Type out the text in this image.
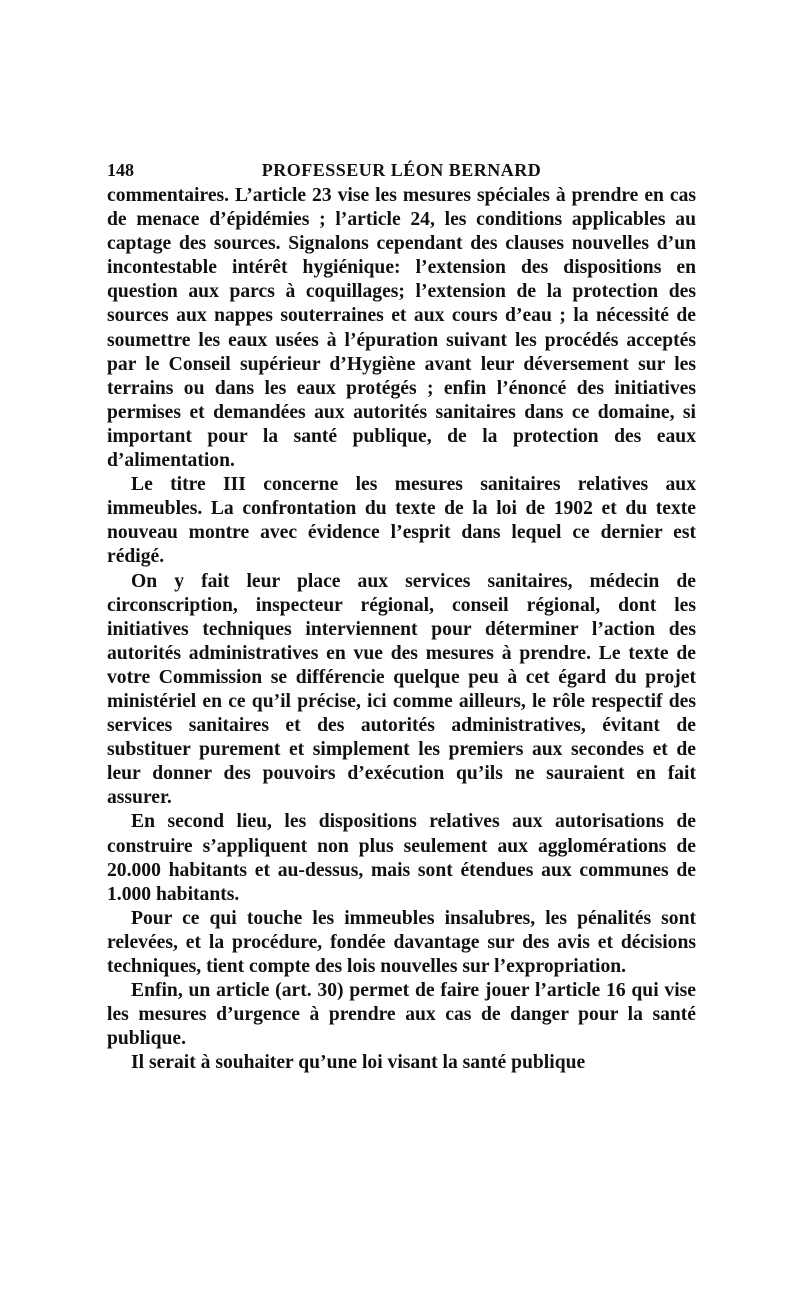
148	PROFESSEUR LÉON BERNARD

commentaires. L’article 23 vise les mesures spéciales à prendre en cas de menace d’épidémies ; l’article 24, les conditions applicables au captage des sources. Signalons cependant des clauses nouvelles d’un incontestable intérêt hygiénique: l’extension des dispositions en question aux parcs à coquillages; l’extension de la protection des sources aux nappes souterraines et aux cours d’eau ; la nécessité de soumettre les eaux usées à l’épuration suivant les procédés acceptés par le Conseil supérieur d’Hygiène avant leur déversement sur les terrains ou dans les eaux protégés ; enfin l’énoncé des initiatives permises et demandées aux autorités sanitaires dans ce domaine, si important pour la santé publique, de la protection des eaux d’alimentation.

Le titre III concerne les mesures sanitaires relatives aux immeubles. La confrontation du texte de la loi de 1902 et du texte nouveau montre avec évidence l’esprit dans lequel ce dernier est rédigé.

On y fait leur place aux services sanitaires, médecin de circonscription, inspecteur régional, conseil régional, dont les initiatives techniques interviennent pour déterminer l’action des autorités administratives en vue des mesures à prendre. Le texte de votre Commission se différencie quelque peu à cet égard du projet ministériel en ce qu’il précise, ici comme ailleurs, le rôle respectif des services sanitaires et des autorités administratives, évitant de substituer purement et simplement les premiers aux secondes et de leur donner des pouvoirs d’exécution qu’ils ne sauraient en fait assurer.

En second lieu, les dispositions relatives aux autorisations de construire s’appliquent non plus seulement aux agglomérations de 20.000 habitants et au-dessus, mais sont étendues aux communes de 1.000 habitants.

Pour ce qui touche les immeubles insalubres, les pénalités sont relevées, et la procédure, fondée davantage sur des avis et décisions techniques, tient compte des lois nouvelles sur l’expropriation.

Enfin, un article (art. 30) permet de faire jouer l’article 16 qui vise les mesures d’urgence à prendre aux cas de danger pour la santé publique.

Il serait à souhaiter qu’une loi visant la santé publique
